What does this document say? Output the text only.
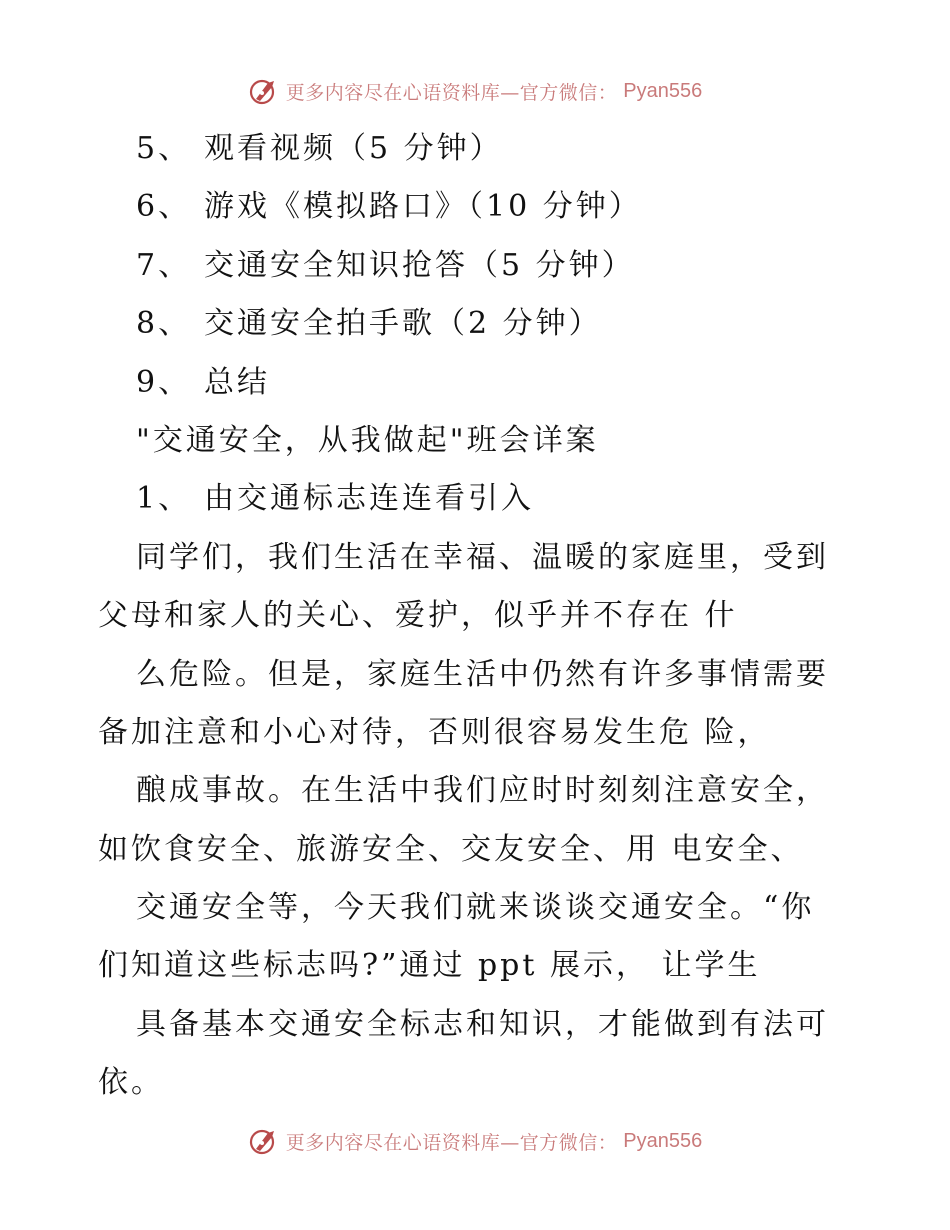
更多内容尽在心语资料库—官方微信： Pyan556
5、 观看视频（5 分钟）
6、 游戏《模拟路口》（10 分钟）
7、 交通安全知识抢答（5 分钟）
8、 交通安全拍手歌（2 分钟）
9、 总结
"交通安全，从我做起"班会详案
1、 由交通标志连连看引入
同学们，我们生活在幸福、温暖的家庭里，受到
父母和家人的关心、爱护，似乎并不存在 什
么危险。但是，家庭生活中仍然有许多事情需要
备加注意和小心对待，否则很容易发生危 险，
酿成事故。在生活中我们应时时刻刻注意安全，
如饮食安全、旅游安全、交友安全、用 电安全、
交通安全等，今天我们就来谈谈交通安全。“你
们知道这些标志吗?”通过 ppt 展示， 让学生
具备基本交通安全标志和知识，才能做到有法可
依。
更多内容尽在心语资料库—官方微信： Pyan556
